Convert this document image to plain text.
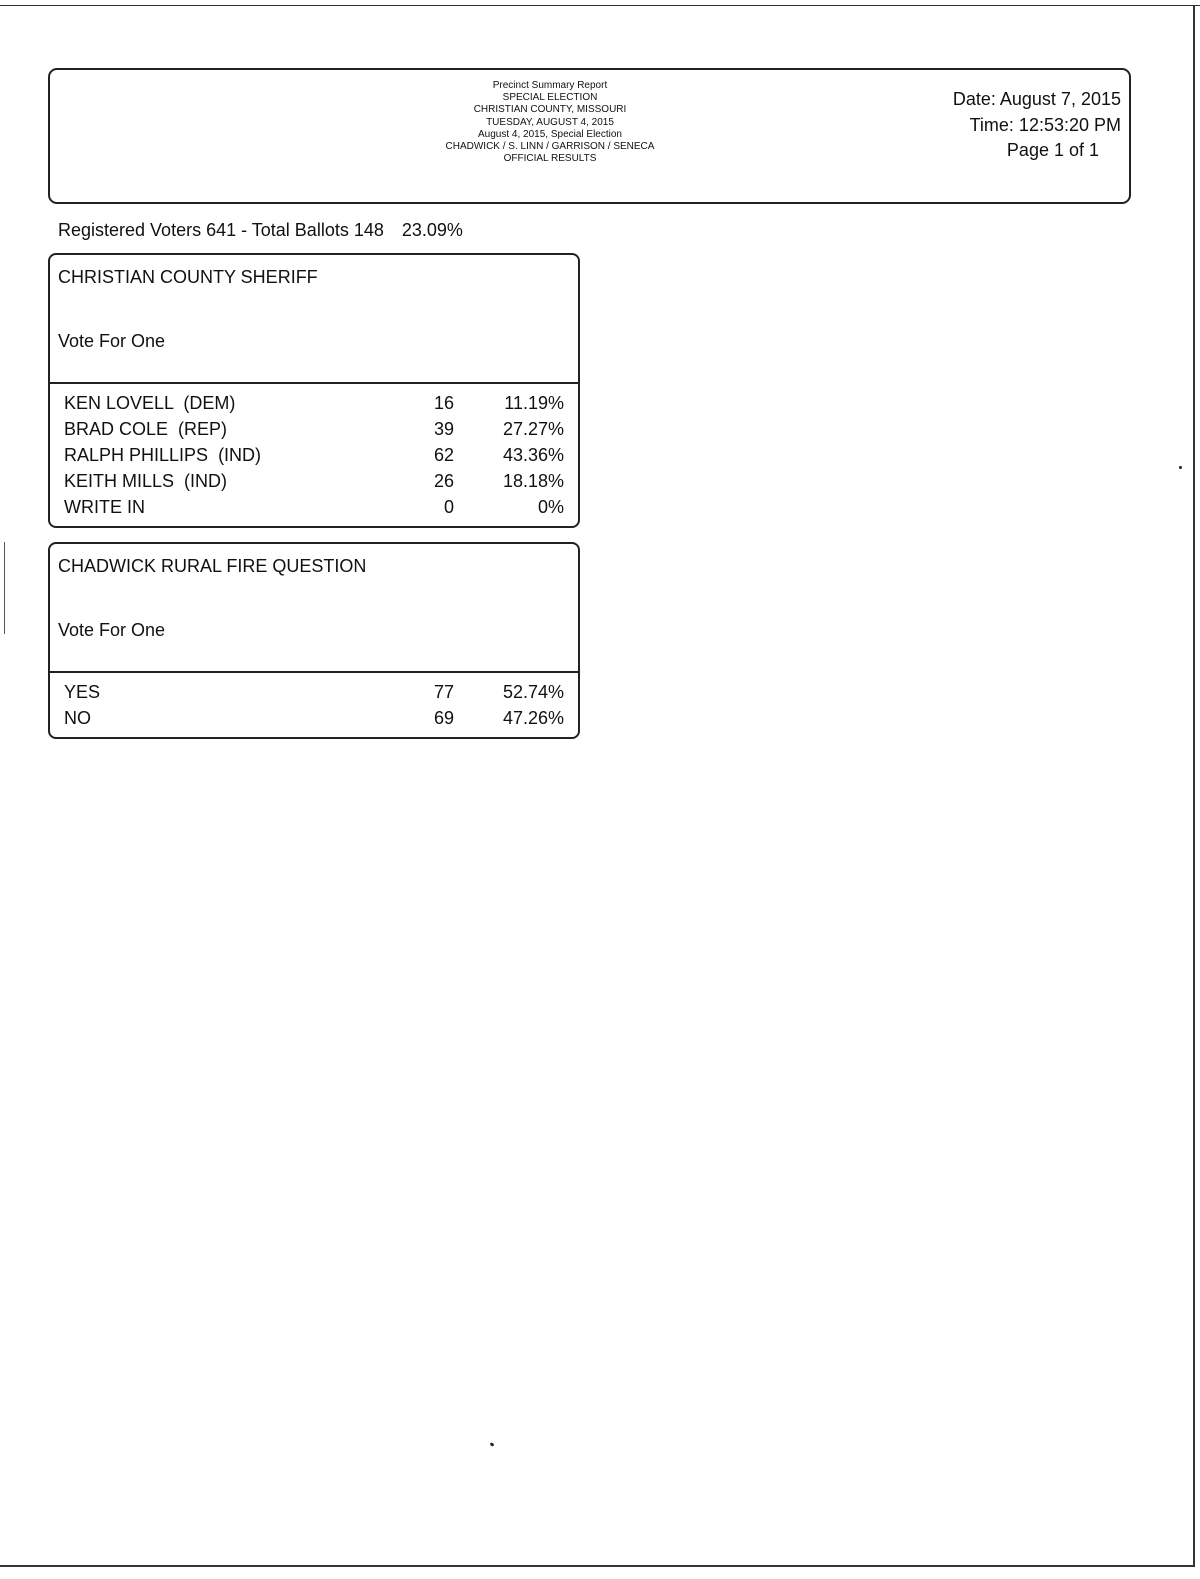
Precinct Summary Report
SPECIAL ELECTION
CHRISTIAN COUNTY, MISSOURI
TUESDAY, AUGUST 4, 2015
August 4, 2015, Special Election
CHADWICK / S. LINN / GARRISON / SENECA
OFFICIAL RESULTS
Date: August 7, 2015
Time: 12:53:20 PM
Page 1 of 1
Registered Voters 641 - Total Ballots 148 23.09%
CHRISTIAN COUNTY SHERIFF
Vote For One
KEN LOVELL  (DEM)	16	11.19%
BRAD COLE  (REP)	39	27.27%
RALPH PHILLIPS  (IND)	62	43.36%
KEITH MILLS  (IND)	26	18.18%
WRITE IN	0	0%
CHADWICK RURAL FIRE QUESTION
Vote For One
YES	77	52.74%
NO	69	47.26%
